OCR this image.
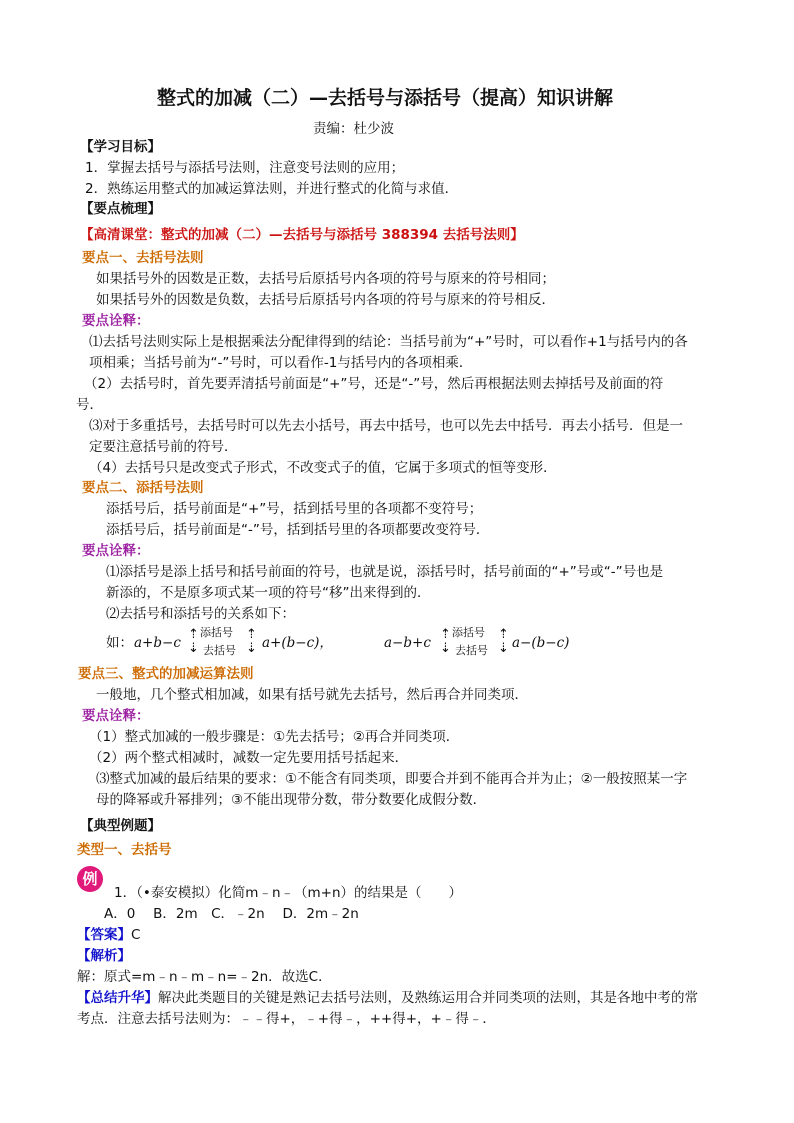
整式的加减（二）—去括号与添括号（提高）知识讲解
责编：杜少波
【学习目标】
1．掌握去括号与添括号法则，注意变号法则的应用；
2．熟练运用整式的加减运算法则，并进行整式的化简与求值．
【要点梳理】
【高清课堂：整式的加减（二）—去括号与添括号 388394 去括号法则】
要点一、去括号法则
如果括号外的因数是正数，去括号后原括号内各项的符号与原来的符号相同；
如果括号外的因数是负数，去括号后原括号内各项的符号与原来的符号相反．
要点诠释：
⑴去括号法则实际上是根据乘法分配律得到的结论：当括号前为“+”号时，可以看作+1与括号内的各
项相乘；当括号前为“-”号时，可以看作-1与括号内的各项相乘．
（2）去括号时，首先要弄清括号前面是“+”号，还是“-”号，然后再根据法则去掉括号及前面的符
号．
⑶对于多重括号，去括号时可以先去小括号，再去中括号，也可以先去中括号．再去小括号．但是一
定要注意括号前的符号．
（4）去括号只是改变式子形式，不改变式子的值，它属于多项式的恒等变形．
要点二、添括号法则
添括号后，括号前面是“+”号，括到括号里的各项都不变符号；
添括号后，括号前面是“-”号，括到括号里的各项都要改变符号．
要点诠释：
⑴添括号是添上括号和括号前面的符号，也就是说，添括号时，括号前面的“+”号或“-”号也是
新添的，不是原多项式某一项的符号“移”出来得到的．
⑵去括号和添括号的关系如下：
如： a+b−c
⇡
⇣
添括号
去括号
⇡
⇣ a+(b−c)，	a−b+c
⇡
⇣
添括号
去括号
⇡
⇣ a−(b−c)
要点三、整式的加减运算法则
一般地，几个整式相加减，如果有括号就先去括号，然后再合并同类项．
要点诠释：
（1）整式加减的一般步骤是：①先去括号；②再合并同类项．
（2）两个整式相减时，减数一定先要用括号括起来．
⑶整式加减的最后结果的要求：①不能含有同类项，即要合并到不能再合并为止；②一般按照某一字
母的降幂或升幂排列；③不能出现带分数，带分数要化成假分数．
【典型例题】
类型一、去括号
例
1．（•泰安模拟）化简m﹣n﹣（m+n）的结果是（　　）
A．0　 B．2m　C．﹣2n　 D．2m﹣2n
【答案】C
【解析】
解：原式=m﹣n﹣m﹣n=﹣2n．故选C．
【总结升华】解决此类题目的关键是熟记去括号法则，及熟练运用合并同类项的法则，其是各地中考的常
考点．注意去括号法则为：﹣﹣得+，﹣+得﹣，++得+，+﹣得﹣．
